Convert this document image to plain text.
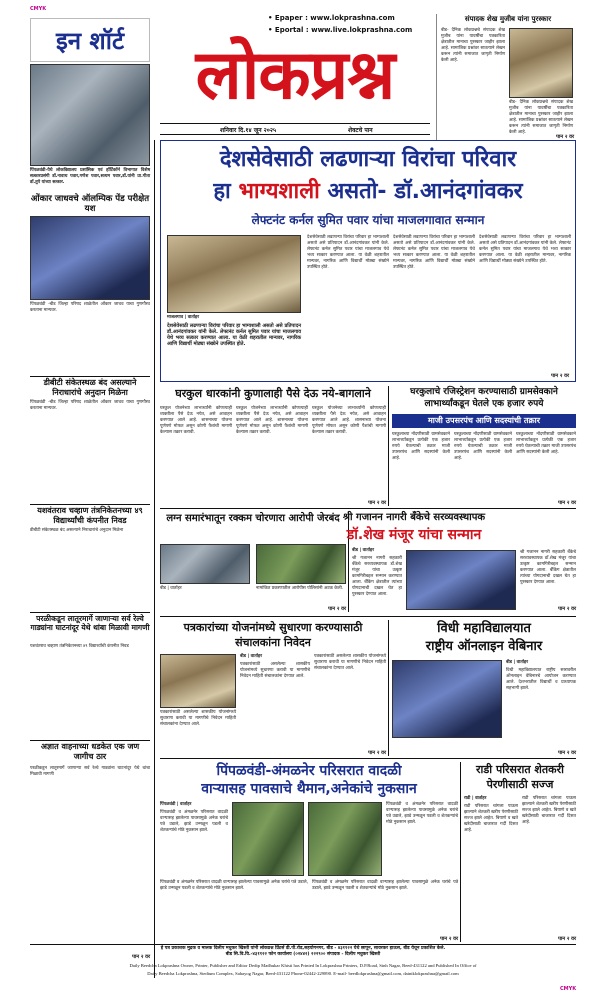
CMYK
इन शॉर्ट
पिंपळवंडी-येथे लोकविद्यालय प्रशांसिक एवं हॉर्टिकॉर्न विभागात विशेष सत्कारप्रसंगी डॉ.नावाथ पवार,गणेश पवार,सत्यम पवार,डॉ.यांनी प्रा.गीता डॉ.तुपे यांच्या सत्कार.
• Epaper : www.lokprashna.com
• Eportal : www.live.lokprashna.com
लोकप्रश्न
शनिवार दि.१४ जून २०२५	शेवटचे पान
संपादक शेख मुजीब यांना पुरस्कार
बीड- दैनिक लोकप्रश्नचे संपादक शेख मुजीब यांना यावर्षीचा पत्रकारिता क्षेत्रातील मानाचा पुरस्कार जाहीर झाला आहे. सामाजिक प्रश्नांवर सातत्याने लेखन करून त्यांनी समाजात जागृती निर्माण केली आहे.
बीड- दैनिक लोकप्रश्नचे संपादक शेख मुजीब यांना यावर्षीचा पत्रकारिता क्षेत्रातील मानाचा पुरस्कार जाहीर झाला आहे. सामाजिक प्रश्नांवर सातत्याने लेखन करून त्यांनी समाजात जागृती निर्माण केली आहे.
पान २ वर
ओंकार जाधवचे ऑलम्पिक पेंड परीक्षेत यश
पिंपळवंडी -बीड जिल्हा परिषद शाळेतील ओंकार जाधव याचा गुणगौरव करताना मान्यवर.
डीबीटी संकेतस्थळ बंद असल्याने निराधारांचे अनुदान मिळेना
पिंपळवंडी -बीड जिल्हा परिषद शाळेतील ओंकार जाधव याचा गुणगौरव करताना मान्यवर.
यशवंतराव चव्हाण तंत्रनिकेतनच्या ४९ विद्यार्थ्यांची कंपनीत निवड
डीबीटी संकेतस्थळ बंद असल्याने निराधारांचे अनुदान मिळेना
परळीकडून लातूरमार्गे जाणाऱ्या सर्व रेल्वे गाड्यांना घाटनांदूर येथे थांबा मिळावी मागणी
यशवंतराव चव्हाण तंत्रनिकेतनच्या ४९ विद्यार्थ्यांची कंपनीत निवड
अज्ञात वाहनाच्या धडकेत एक जण जागीच ठार
परळीकडून लातूरमार्गे जाणाऱ्या सर्व रेल्वे गाड्यांना घाटनांदूर येथे थांबा मिळावी मागणी
पान २ वर
देशसेवेसाठी लढणाऱ्या विरांचा परिवार
हा भाग्यशाली असतो- डॉ.आनंदगांवकर
लेफ्टनंट कर्नल सुमित पवार यांचा माजलगावात सन्मान
माजलगाव | वार्ताहर
देशसेवेसाठी लढणाऱ्या विरांचा परिवार हा भाग्यशाली असतो असे प्रतिपादन डॉ.आनंदगांवकर यांनी केले. लेफ्टनंट कर्नल सुमित पवार यांचा माजलगाव येथे भव्य सत्कार करण्यात आला. या वेळी शहरातील मान्यवर, नागरिक आणि विद्यार्थी मोठ्या संख्येने उपस्थित होते.
देशसेवेसाठी लढणाऱ्या विरांचा परिवार हा भाग्यशाली असतो असे प्रतिपादन डॉ.आनंदगांवकर यांनी केले. लेफ्टनंट कर्नल सुमित पवार यांचा माजलगाव येथे भव्य सत्कार करण्यात आला. या वेळी शहरातील मान्यवर, नागरिक आणि विद्यार्थी मोठ्या संख्येने उपस्थित होते.
देशसेवेसाठी लढणाऱ्या विरांचा परिवार हा भाग्यशाली असतो असे प्रतिपादन डॉ.आनंदगांवकर यांनी केले. लेफ्टनंट कर्नल सुमित पवार यांचा माजलगाव येथे भव्य सत्कार करण्यात आला. या वेळी शहरातील मान्यवर, नागरिक आणि विद्यार्थी मोठ्या संख्येने उपस्थित होते.
देशसेवेसाठी लढणाऱ्या विरांचा परिवार हा भाग्यशाली असतो असे प्रतिपादन डॉ.आनंदगांवकर यांनी केले. लेफ्टनंट कर्नल सुमित पवार यांचा माजलगाव येथे भव्य सत्कार करण्यात आला. या वेळी शहरातील मान्यवर, नागरिक आणि विद्यार्थी मोठ्या संख्येने उपस्थित होते.
पान २ वर
घरकुल धारकांनी कुणालाही पैसे देऊ नये-बागलाने
घरकुल योजनेच्या लाभार्थ्यांनी कोणत्याही व्यक्तीला पैसे देऊ नयेत, असे आवाहन करण्यात आले आहे. शासनाच्या योजना पूर्णपणे मोफत असून कोणी पैशांची मागणी केल्यास तक्रार करावी.
घरकुल योजनेच्या लाभार्थ्यांनी कोणत्याही व्यक्तीला पैसे देऊ नयेत, असे आवाहन करण्यात आले आहे. शासनाच्या योजना पूर्णपणे मोफत असून कोणी पैशांची मागणी केल्यास तक्रार करावी.
घरकुल योजनेच्या लाभार्थ्यांनी कोणत्याही व्यक्तीला पैसे देऊ नयेत, असे आवाहन करण्यात आले आहे. शासनाच्या योजना पूर्णपणे मोफत असून कोणी पैशांची मागणी केल्यास तक्रार करावी.
पान २ वर
घरकुलाचे रजिस्ट्रेशन करण्यासाठी ग्रामसेवकाने लाभार्थ्यांकडून घेतले एक हजार रुपये
माजी उपसरपंच आणि सदस्यांची तक्रार
घरकुलाच्या नोंदणीसाठी ग्रामसेवकाने लाभार्थ्यांकडून प्रत्येकी एक हजार रुपये घेतल्याची तक्रार माजी उपसरपंच आणि सदस्यांनी केली आहे.
घरकुलाच्या नोंदणीसाठी ग्रामसेवकाने लाभार्थ्यांकडून प्रत्येकी एक हजार रुपये घेतल्याची तक्रार माजी उपसरपंच आणि सदस्यांनी केली आहे.
घरकुलाच्या नोंदणीसाठी ग्रामसेवकाने लाभार्थ्यांकडून प्रत्येकी एक हजार रुपये घेतल्याची तक्रार माजी उपसरपंच आणि सदस्यांनी केली आहे.
पान २ वर
लग्न समारंभातून रक्कम चोरणारा आरोपी जेरबंद
बीड | वार्ताहर	नामांकित प्रकरणातील आरोपीस पोलिसांनी अटक केली.
पान २ वर
श्री गजानन नागरी बँकेचे सरव्यवस्थापक
डॉ.शेख मंजूर यांचा सन्मान
बीड | वार्ताहर
श्री गजानन नागरी सहकारी बँकेचे सरव्यवस्थापक डॉ.शेख मंजूर यांचा उत्कृष्ट कामगिरीबद्दल सन्मान करण्यात आला. बँकिंग क्षेत्रातील त्यांच्या योगदानाची दखल घेत हा पुरस्कार देण्यात आला.
श्री गजानन नागरी सहकारी बँकेचे सरव्यवस्थापक डॉ.शेख मंजूर यांचा उत्कृष्ट कामगिरीबद्दल सन्मान करण्यात आला. बँकिंग क्षेत्रातील त्यांच्या योगदानाची दखल घेत हा पुरस्कार देण्यात आला.
पान २ वर
पत्रकारांच्या योजनांमध्ये सुधारणा करण्यासाठी संचालकांना निवेदन
बीड | वार्ताहर
पत्रकारांसाठी असलेल्या शासकीय योजनांमध्ये सुधारणा करावी या मागणीचे निवेदन माहिती संचालकांना देण्यात आले.
पत्रकारांसाठी असलेल्या शासकीय योजनांमध्ये सुधारणा करावी या मागणीचे निवेदन माहिती संचालकांना देण्यात आले.
पत्रकारांसाठी असलेल्या शासकीय योजनांमध्ये सुधारणा करावी या मागणीचे निवेदन माहिती संचालकांना देण्यात आले.
पान २ वर
विधी महाविद्यालयात
राष्ट्रीय ऑनलाइन वेबिनार
बीड | वार्ताहर
विधी महाविद्यालयात राष्ट्रीय स्तरावरील ऑनलाइन वेबिनारचे आयोजन करण्यात आले. देशभरातील विद्यार्थी व प्राध्यापक सहभागी झाले.
पान २ वर
पिंपळवंडी-अंमळनेर परिसरात वादळी
वाऱ्यासह पावसाचे थैमान,अनेकांचे नुकसान
पिंपळवंडी | वार्ताहर
पिंपळवंडी व अंमळनेर परिसरात वादळी वाऱ्यासह झालेल्या पावसामुळे अनेक घरांचे पत्रे उडाले, झाडे उन्मळून पडली व शेतकऱ्यांचे मोठे नुकसान झाले.
पिंपळवंडी व अंमळनेर परिसरात वादळी वाऱ्यासह झालेल्या पावसामुळे अनेक घरांचे पत्रे उडाले, झाडे उन्मळून पडली व शेतकऱ्यांचे मोठे नुकसान झाले.
पिंपळवंडी व अंमळनेर परिसरात वादळी वाऱ्यासह झालेल्या पावसामुळे अनेक घरांचे पत्रे उडाले, झाडे उन्मळून पडली व शेतकऱ्यांचे मोठे नुकसान झाले.
पिंपळवंडी व अंमळनेर परिसरात वादळी वाऱ्यासह झालेल्या पावसामुळे अनेक घरांचे पत्रे उडाले, झाडे उन्मळून पडली व शेतकऱ्यांचे मोठे नुकसान झाले.
पान २ वर
राडी परिसरात शेतकरी पेरणीसाठी सज्ज
राडी | वार्ताहर
राडी परिसरात चांगला पाऊस झाल्याने शेतकरी खरीप पेरणीसाठी सज्ज झाले आहेत. बियाणे व खते खरेदीसाठी बाजारात गर्दी दिसत आहे.
राडी परिसरात चांगला पाऊस झाल्याने शेतकरी खरीप पेरणीसाठी सज्ज झाले आहेत. बियाणे व खते खरेदीसाठी बाजारात गर्दी दिसत आहे.
पान २ वर
हे पत्र प्रकाशक मुद्रक व मालक दिलीप मधुकर खिस्ती यांनी लोकप्रश्न प्रिंटर्स डी.पी.रोड,सहयोगनगर, बीड - ४३११२२ येथे छापून, सावरकर हाऊस, बीड येथून प्रकाशित केले.
बीड सि.वि.वि.-४३११२२ फोन कार्यालय (०२४४२) २२२९०० संपादक - दिलीप मधुकर खिस्ती
Daily Beedcha Lokprashna Owner, Printer, Publisher and Editor Dedip Madhukar Khisti has Printed In Lokprashna Printers, D.P.Road, Sinh Nagar, Beed-431122 and Published In Office of
Daily Beedcha Lokprashna, Stedium Complex, Sahayog Nagar, Beed-431122 Phone-02442-229890. E-mail- beedlokprashna@gmail.com, dainiklokprashna@gmail.com
CMYK
